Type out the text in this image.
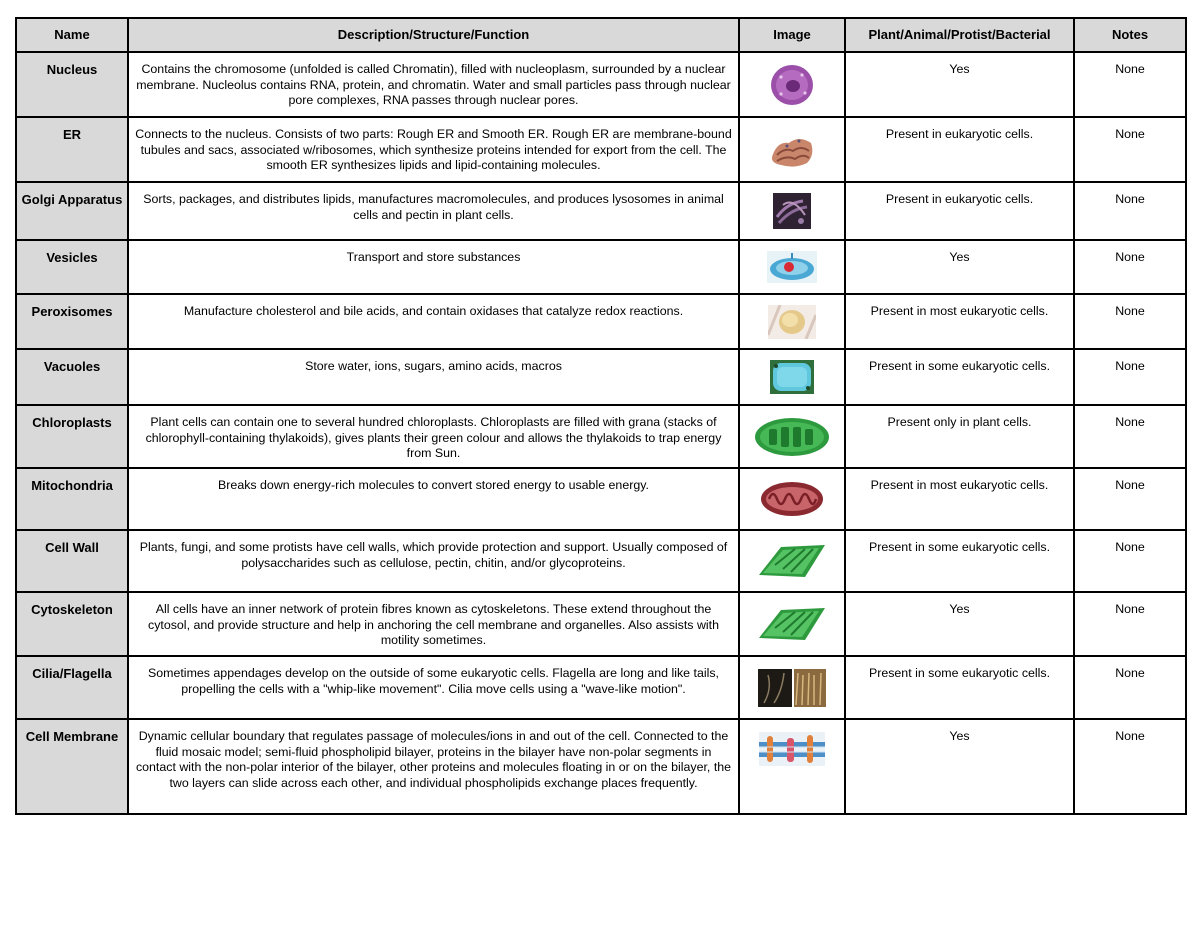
Name	Description/Structure/Function	Image	Plant/Animal/Protist/Bacterial	Notes
Nucleus	Contains the chromosome (unfolded is called Chromatin), filled with nucleoplasm, surrounded by a nuclear membrane. Nucleolus contains RNA, protein, and chromatin. Water and small particles pass through nuclear pore complexes, RNA passes through nuclear pores.		Yes	None
ER	Connects to the nucleus. Consists of two parts: Rough ER and Smooth ER. Rough ER are membrane-bound tubules and sacs, associated w/ribosomes, which synthesize proteins intended for export from the cell. The smooth ER synthesizes lipids and lipid-containing molecules.		Present in eukaryotic cells.	None
Golgi Apparatus	Sorts, packages, and distributes lipids, manufactures macromolecules, and produces lysosomes in animal cells and pectin in plant cells.		Present in eukaryotic cells.	None
Vesicles	Transport and store substances		Yes	None
Peroxisomes	Manufacture cholesterol and bile acids, and contain oxidases that catalyze redox reactions.		Present in most eukaryotic cells.	None
Vacuoles	Store water, ions, sugars, amino acids, macros		Present in some eukaryotic cells.	None
Chloroplasts	Plant cells can contain one to several hundred chloroplasts. Chloroplasts are filled with grana (stacks of chlorophyll-containing thylakoids), gives plants their green colour and allows the thylakoids to trap energy from Sun.		Present only in plant cells.	None
Mitochondria	Breaks down energy-rich molecules to convert stored energy to usable energy.		Present in most eukaryotic cells.	None
Cell Wall	Plants, fungi, and some protists have cell walls, which provide protection and support. Usually composed of polysaccharides such as cellulose, pectin, chitin, and/or glycoproteins.		Present in some eukaryotic cells.	None
Cytoskeleton	All cells have an inner network of protein fibres known as cytoskeletons. These extend throughout the cytosol, and provide structure and help in anchoring the cell membrane and organelles. Also assists with motility sometimes.		Yes	None
Cilia/Flagella	Sometimes appendages develop on the outside of some eukaryotic cells. Flagella are long and like tails, propelling the cells with a "whip-like movement". Cilia move cells using a "wave-like motion".		Present in some eukaryotic cells.	None
Cell Membrane	Dynamic cellular boundary that regulates passage of molecules/ions in and out of the cell. Connected to the fluid mosaic model; semi-fluid phospholipid bilayer, proteins in the bilayer have non-polar segments in contact with the non-polar interior of the bilayer, other proteins and molecules floating in or on the bilayer, the two layers can slide across each other, and individual phospholipids exchange places frequently.		Yes	None
